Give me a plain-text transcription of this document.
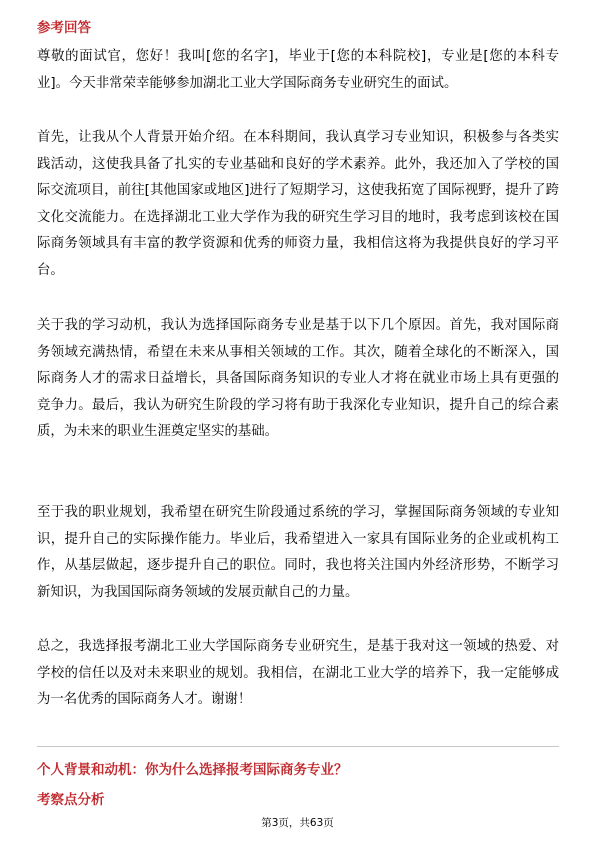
参考回答
尊敬的面试官，您好！我叫[您的名字]，毕业于[您的本科院校]，专业是[您的本科专业]。今天非常荣幸能够参加湖北工业大学国际商务专业研究生的面试。
首先，让我从个人背景开始介绍。在本科期间，我认真学习专业知识，积极参与各类实践活动，这使我具备了扎实的专业基础和良好的学术素养。此外，我还加入了学校的国际交流项目，前往[其他国家或地区]进行了短期学习，这使我拓宽了国际视野，提升了跨文化交流能力。在选择湖北工业大学作为我的研究生学习目的地时，我考虑到该校在国际商务领域具有丰富的教学资源和优秀的师资力量，我相信这将为我提供良好的学习平台。
关于我的学习动机，我认为选择国际商务专业是基于以下几个原因。首先，我对国际商务领域充满热情，希望在未来从事相关领域的工作。其次，随着全球化的不断深入，国际商务人才的需求日益增长，具备国际商务知识的专业人才将在就业市场上具有更强的竞争力。最后，我认为研究生阶段的学习将有助于我深化专业知识，提升自己的综合素质，为未来的职业生涯奠定坚实的基础。
至于我的职业规划，我希望在研究生阶段通过系统的学习，掌握国际商务领域的专业知识，提升自己的实际操作能力。毕业后，我希望进入一家具有国际业务的企业或机构工作，从基层做起，逐步提升自己的职位。同时，我也将关注国内外经济形势，不断学习新知识，为我国国际商务领域的发展贡献自己的力量。
总之，我选择报考湖北工业大学国际商务专业研究生，是基于我对这一领域的热爱、对学校的信任以及对未来职业的规划。我相信，在湖北工业大学的培养下，我一定能够成为一名优秀的国际商务人才。谢谢！
个人背景和动机：你为什么选择报考国际商务专业？
考察点分析
第3页，共63页
